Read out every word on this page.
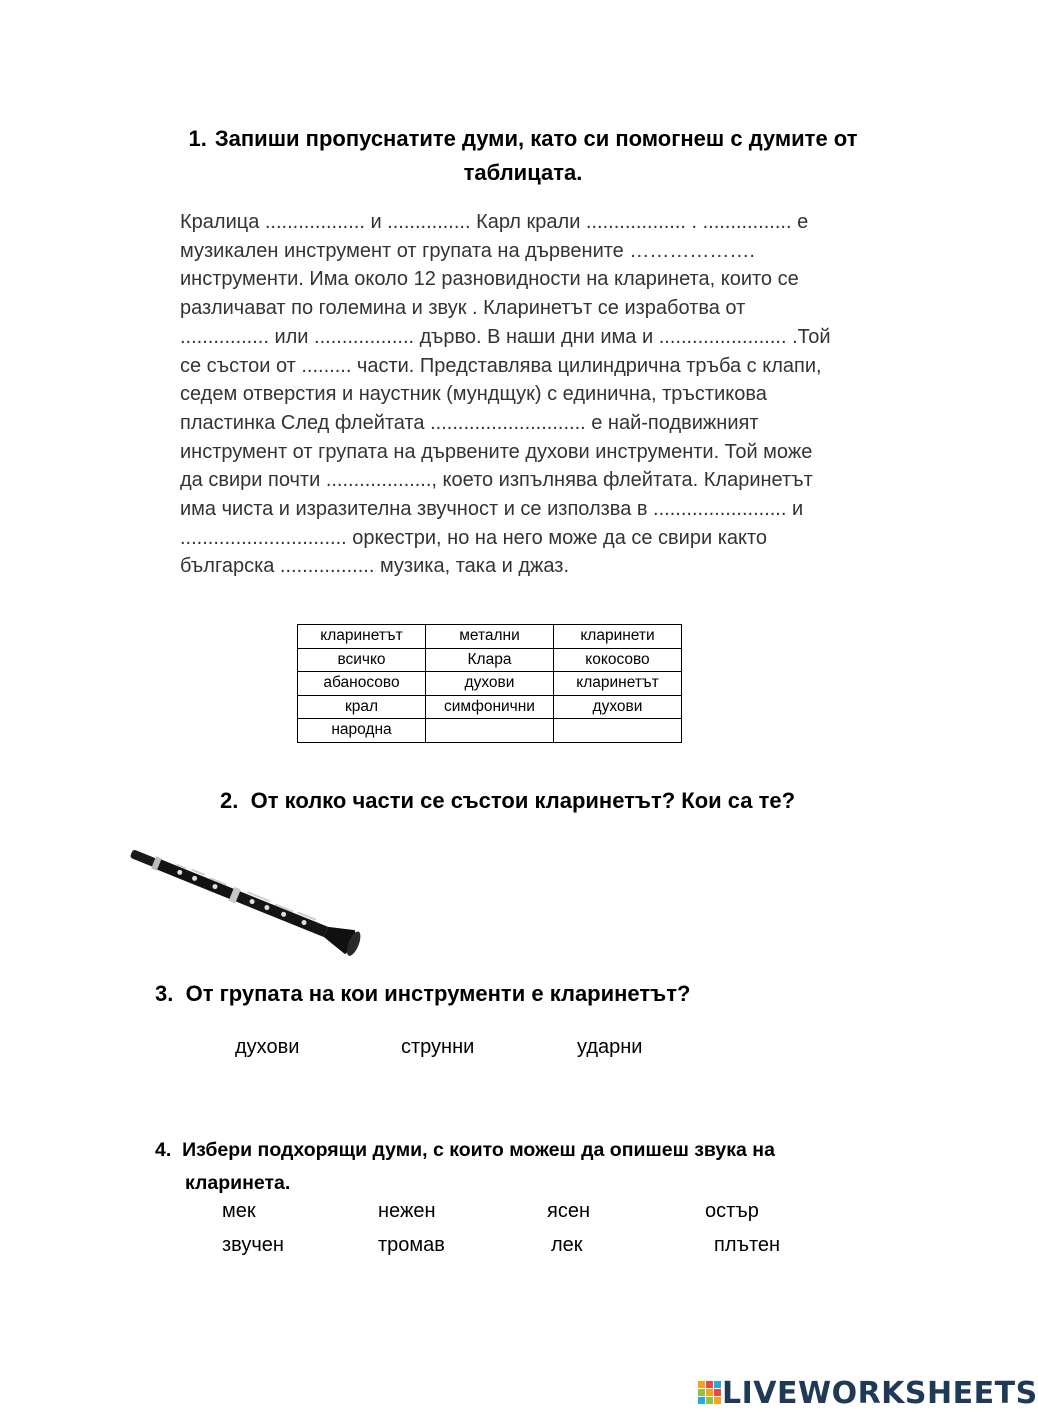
1. Запиши пропуснатите думи, като си помогнеш с думите от
таблицата.
Кралица .................. и ............... Карл крали .................. . ................ е
музикален инструмент от групата на дървените ……………….
инструменти. Има около 12 разновидности на кларинета, които се
различават по големина и звук . Кларинетът се изработва от
................ или .................. дърво. В наши дни има и ....................... .Той
се състои от ......... части. Представлява цилиндрична тръба с клапи,
седем отверстия и наустник (мундщук) с единична, тръстикова
пластинка След флейтата ............................ е най-подвижният
инструмент от групата на дървените духови инструменти. Той може
да свири почти ..................., което изпълнява флейтата. Кларинетът
има чиста и изразителна звучност и се използва в ........................ и
.............................. оркестри, но на него може да се свири както
българска ................. музика, така и джаз.
кларинетът	метални	кларинети
всичко	Клара	кокосово
абаносово	духови	кларинетът
крал	симфонични	духови
народна		
2. От колко части се състои кларинетът? Кои са те?
3. От групата на кои инструменти е кларинетът?
духови	струнни	ударни
4. Избери подхорящи думи, с които можеш да опишеш звука на
кларинета.
мек	нежен	ясен	остър
звучен	тромав	лек	плътен
LIVEWORKSHEETS
